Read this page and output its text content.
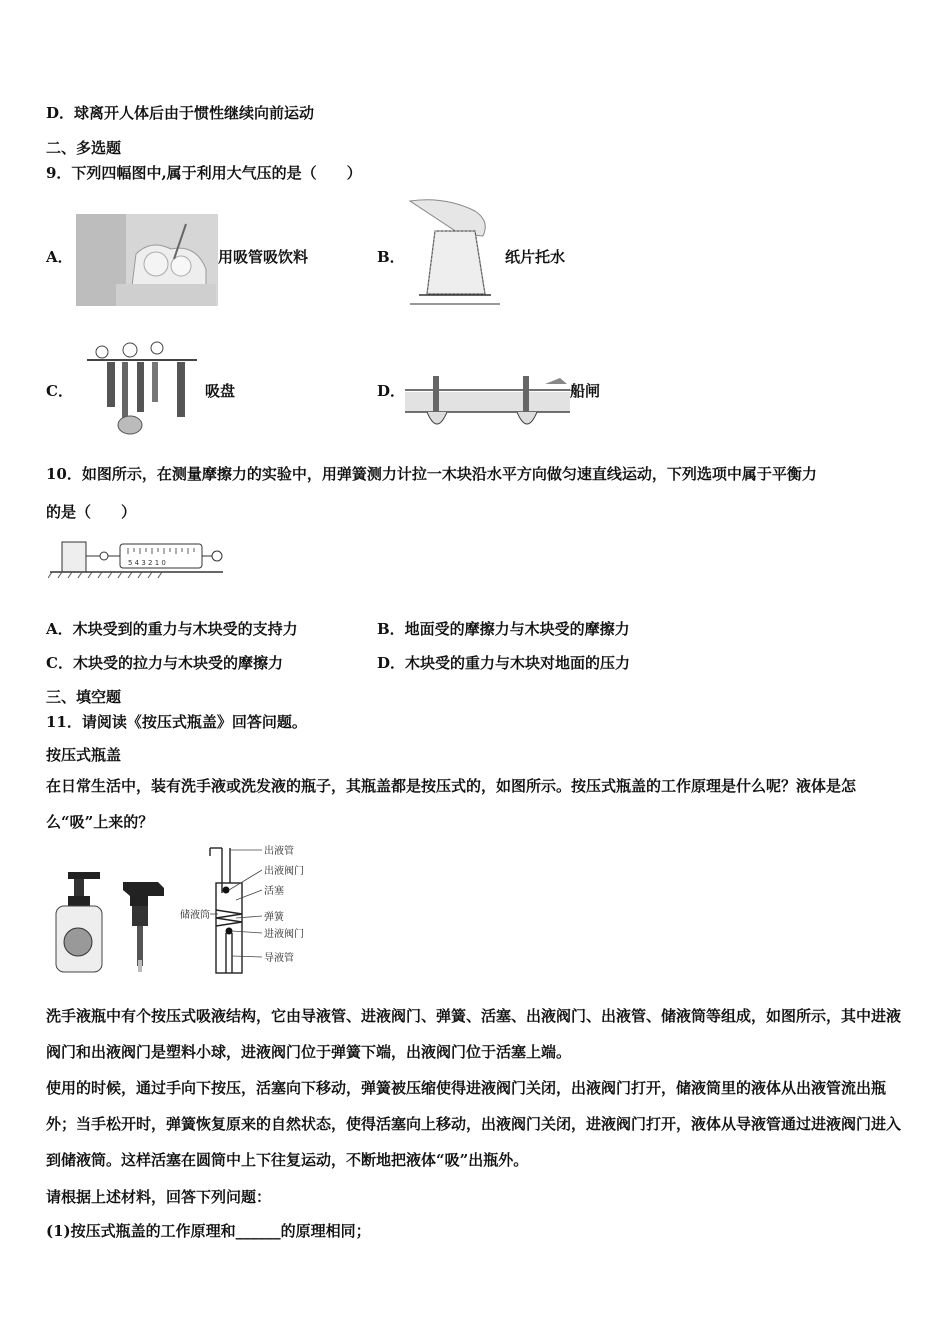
D．球离开人体后由于惯性继续向前运动
二、多选题
9．下列四幅图中,属于利用大气压的是（　　）
A．	用吸管吸饮料	B．	纸片托水
C．	吸盘	D．	船闸
10．如图所示，在测量摩擦力的实验中，用弹簧测力计拉一木块沿水平方向做匀速直线运动，下列选项中属于平衡力
的是（　　）
5 4 3 2 1 0
A．木块受到的重力与木块受的支持力	B．地面受的摩擦力与木块受的摩擦力
C．木块受的拉力与木块受的摩擦力	D．木块受的重力与木块对地面的压力
三、填空题
11．请阅读《按压式瓶盖》回答问题。
按压式瓶盖
在日常生活中，装有洗手液或洗发液的瓶子，其瓶盖都是按压式的，如图所示。按压式瓶盖的工作原理是什么呢？液体是怎么“吸”上来的？
出液管
出液阀门
活塞
储液筒	弹簧
进液阀门
导液管
洗手液瓶中有个按压式吸液结构，它由导液管、进液阀门、弹簧、活塞、出液阀门、出液管、储液筒等组成，如图所示，其中进液阀门和出液阀门是塑料小球，进液阀门位于弹簧下端，出液阀门位于活塞上端。
使用的时候，通过手向下按压，活塞向下移动，弹簧被压缩使得进液阀门关闭，出液阀门打开，储液筒里的液体从出液管流出瓶外；当手松开时，弹簧恢复原来的自然状态，使得活塞向上移动，出液阀门关闭，进液阀门打开，液体从导液管通过进液阀门进入到储液筒。这样活塞在圆筒中上下往复运动，不断地把液体“吸”出瓶外。
请根据上述材料，回答下列问题：
(1)按压式瓶盖的工作原理和______的原理相同；
